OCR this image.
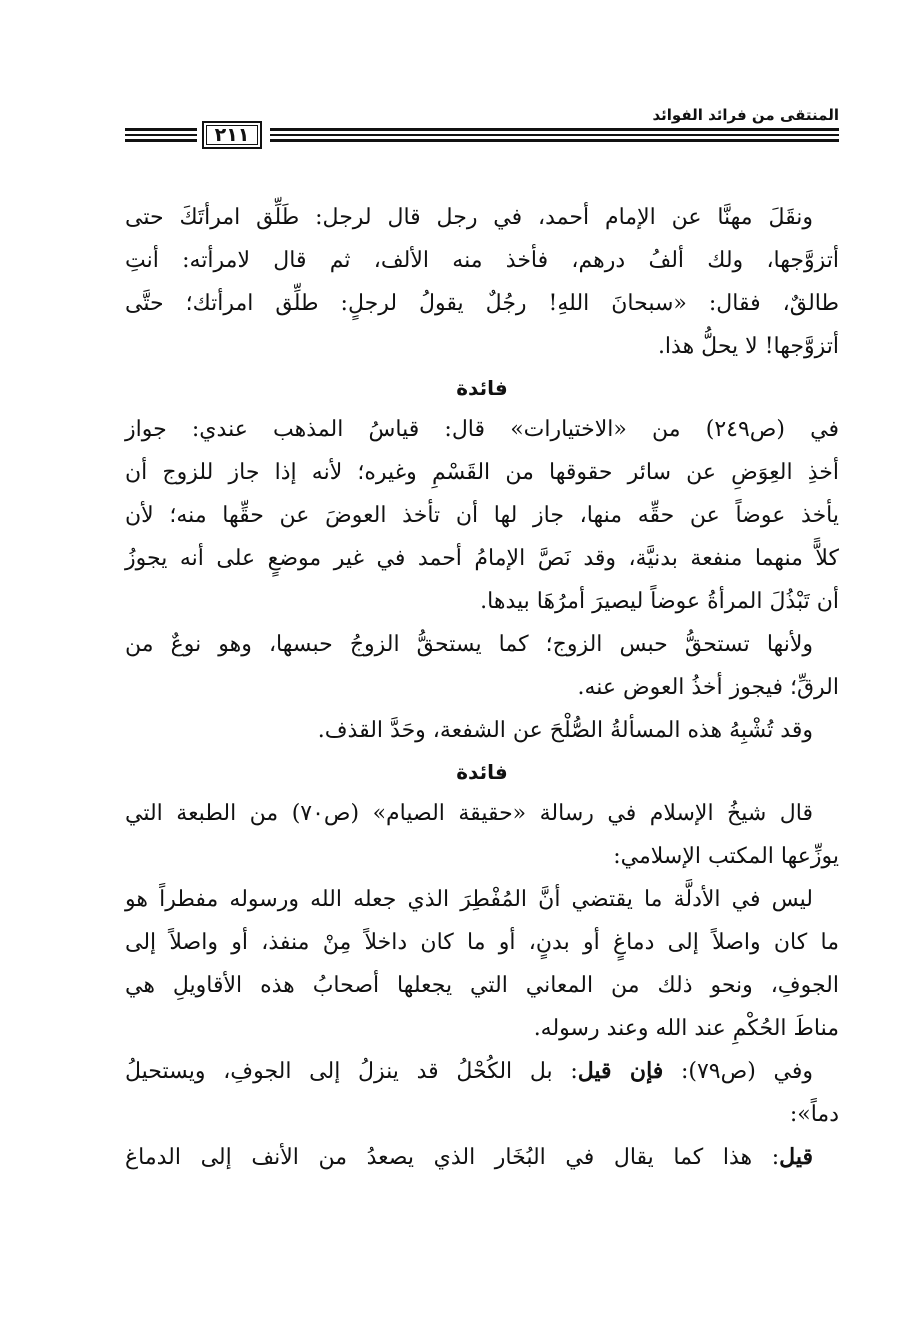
المنتقى من فرائد الفوائد
٢١١
ونقَلَ مهنَّا عن الإمام أحمد، في رجل قال لرجل: طَلِّق امرأتَكَ حتى
أتزوَّجها، ولك ألفُ درهم، فأخذ منه الألف، ثم قال لامرأته: أنتِ
طالقٌ، فقال: «سبحانَ اللهِ! رجُلٌ يقولُ لرجلٍ: طلِّق امرأتك؛ حتَّى
أتزوَّجها! لا يحلُّ هذا.
فائدة
في (ص٢٤٩) من «الاختيارات» قال: قياسُ المذهب عندي: جواز
أخذِ العِوَضِ عن سائر حقوقها من القَسْمِ وغيره؛ لأنه إذا جاز للزوج أن
يأخذ عوضاً عن حقِّه منها، جاز لها أن تأخذ العوضَ عن حقِّها منه؛ لأن
كلاًّ منهما منفعة بدنيَّة، وقد نَصَّ الإمامُ أحمد في غير موضعٍ على أنه يجوزُ
أن تَبْذُلَ المرأةُ عوضاً ليصيرَ أمرُهَا بيدها.
ولأنها تستحقُّ حبس الزوج؛ كما يستحقُّ الزوجُ حبسها، وهو نوعٌ من
الرقِّ؛ فيجوز أخذُ العوض عنه.
وقد تُشْبِهُ هذه المسألةُ الصُّلْحَ عن الشفعة، وحَدَّ القذف.
فائدة
قال شيخُ الإسلام في رسالة «حقيقة الصيام» (ص٧٠) من الطبعة التي
يوزِّعها المكتب الإسلامي:
ليس في الأدلَّة ما يقتضي أنَّ المُفْطِرَ الذي جعله الله ورسوله مفطراً هو
ما كان واصلاً إلى دماغٍ أو بدنٍ، أو ما كان داخلاً مِنْ منفذ، أو واصلاً إلى
الجوفِ، ونحو ذلك من المعاني التي يجعلها أصحابُ هذه الأقاويلِ هي
مناطَ الحُكْمِ عند الله وعند رسوله.
وفي (ص٧٩): فإن قيل: بل الكُحْلُ قد ينزلُ إلى الجوفِ، ويستحيلُ
دماً»:
قيل: هذا كما يقال في البُخَار الذي يصعدُ من الأنف إلى الدماغ
